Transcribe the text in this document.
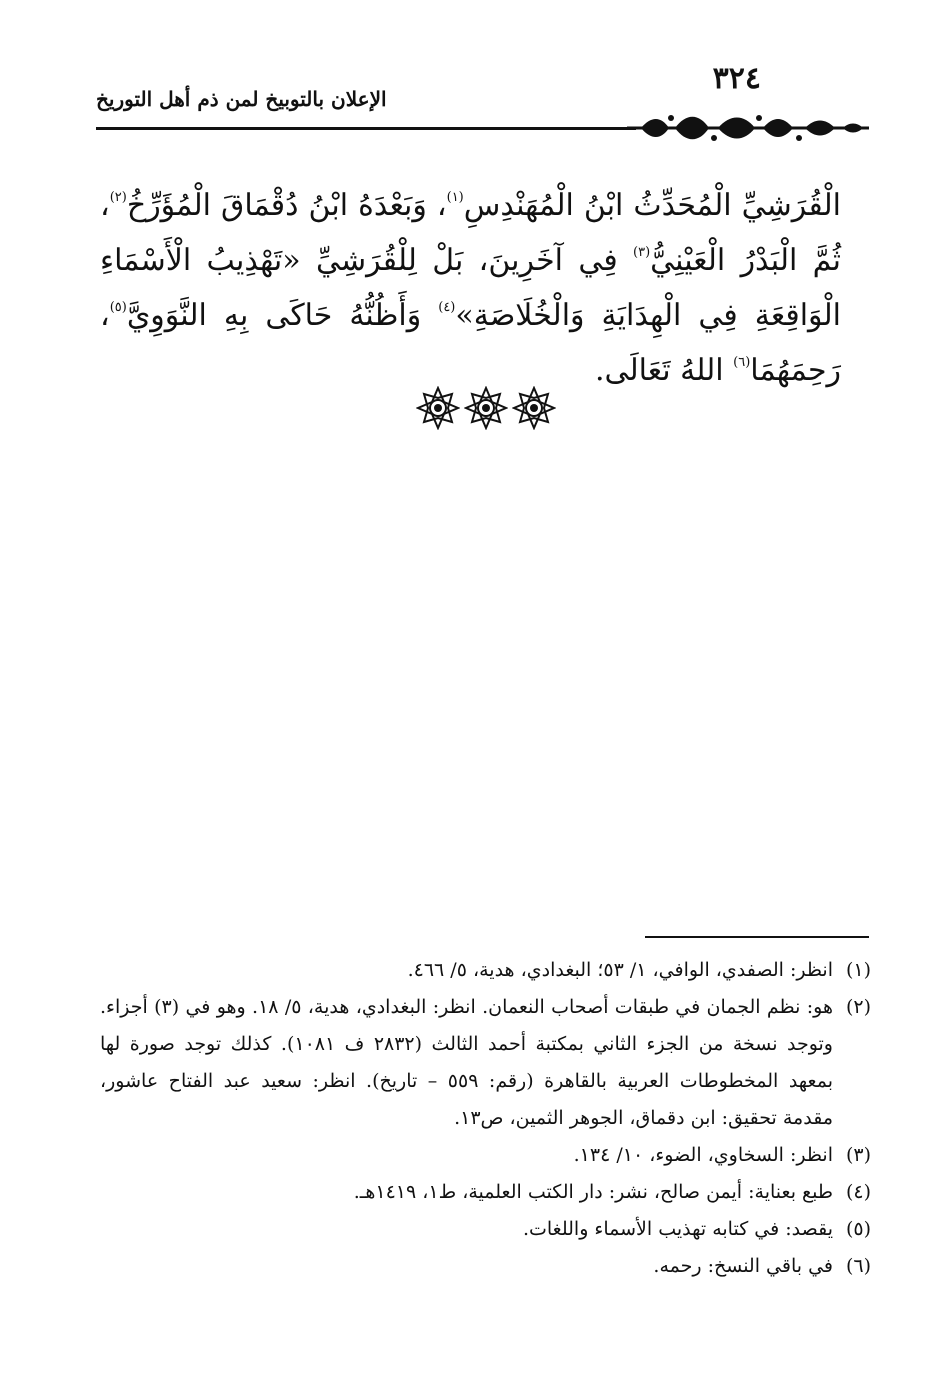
٣٢٤
الإعلان بالتوبيخ لمن ذم أهل التوريخ

الْقُرَشِيِّ الْمُحَدِّثُ ابْنُ الْمُهَنْدِسِ$^{(١)}$، وَبَعْدَهُ ابْنُ دُقْمَاقَ الْمُؤَرِّخُ$^{(٢)}$، ثُمَّ الْبَدْرُ الْعَيْنِيُّ$^{(٣)}$ فِي آخَرِينَ، بَلْ لِلْقُرَشِيِّ «تَهْذِيبُ الْأَسْمَاءِ الْوَاقِعَةِ فِي الْهِدَايَةِ وَالْخُلَاصَةِ»$^{(٤)}$ وَأَظُنُّهُ حَاكَى بِهِ النَّوَوِيَّ$^{(٥)}$، رَحِمَهُمَا$^{(٦)}$ اللهُ تَعَالَى.

(١)
انظر: الصفدي، الوافي، ١/ ٥٣؛ البغدادي، هدية، ٥/ ٤٦٦.

(٢)
هو: نظم الجمان في طبقات أصحاب النعمان. انظر: البغدادي، هدية، ٥/ ١٨. وهو في (٣) أجزاء. وتوجد نسخة من الجزء الثاني بمكتبة أحمد الثالث (٢٨٣٢ ف ١٠٨١). كذلك توجد صورة لها بمعهد المخطوطات العربية بالقاهرة (رقم: ٥٥٩ – تاريخ). انظر: سعيد عبد الفتاح عاشور، مقدمة تحقيق: ابن دقماق، الجوهر الثمين، ص١٣.

(٣)
انظر: السخاوي، الضوء، ١٠/ ١٣٤.

(٤)
طبع بعناية: أيمن صالح، نشر: دار الكتب العلمية، ط١، ١٤١٩هـ.

(٥)
يقصد: في كتابه تهذيب الأسماء واللغات.

(٦)
في باقي النسخ: رحمه.
